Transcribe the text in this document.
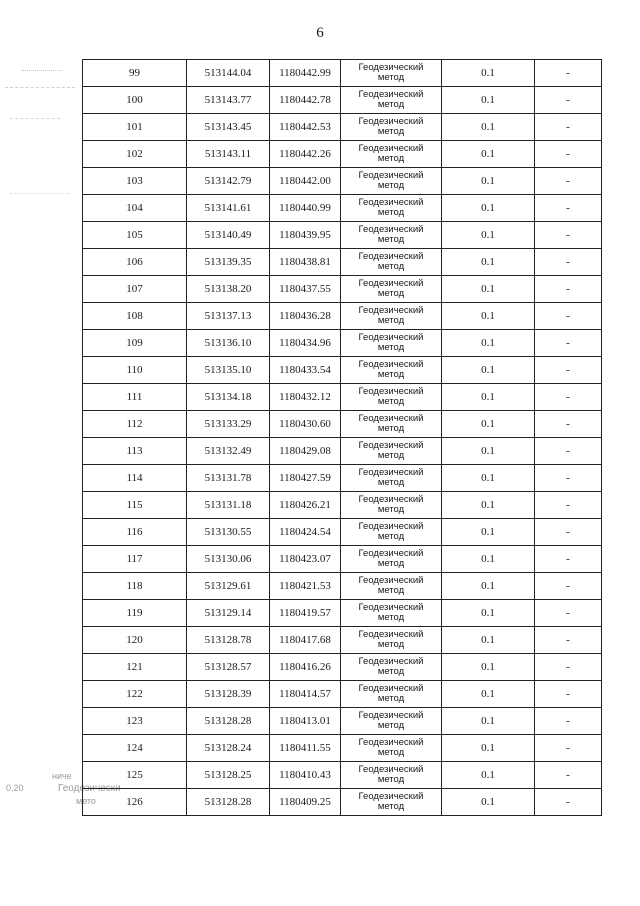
6
ниче
Геодезически
мето
0,20
99	513144.04	1180442.99	Геодезический
метод	0.1	-
100	513143.77	1180442.78	Геодезический
метод	0.1	-
101	513143.45	1180442.53	Геодезический
метод	0.1	-
102	513143.11	1180442.26	Геодезический
метод	0.1	-
103	513142.79	1180442.00	Геодезический
метод	0.1	-
104	513141.61	1180440.99	Геодезический
метод	0.1	-
105	513140.49	1180439.95	Геодезический
метод	0.1	-
106	513139.35	1180438.81	Геодезический
метод	0.1	-
107	513138.20	1180437.55	Геодезический
метод	0.1	-
108	513137.13	1180436.28	Геодезический
метод	0.1	-
109	513136.10	1180434.96	Геодезический
метод	0.1	-
110	513135.10	1180433.54	Геодезический
метод	0.1	-
111	513134.18	1180432.12	Геодезический
метод	0.1	-
112	513133.29	1180430.60	Геодезический
метод	0.1	-
113	513132.49	1180429.08	Геодезический
метод	0.1	-
114	513131.78	1180427.59	Геодезический
метод	0.1	-
115	513131.18	1180426.21	Геодезический
метод	0.1	-
116	513130.55	1180424.54	Геодезический
метод	0.1	-
117	513130.06	1180423.07	Геодезический
метод	0.1	-
118	513129.61	1180421.53	Геодезический
метод	0.1	-
119	513129.14	1180419.57	Геодезический
метод	0.1	-
120	513128.78	1180417.68	Геодезический
метод	0.1	-
121	513128.57	1180416.26	Геодезический
метод	0.1	-
122	513128.39	1180414.57	Геодезический
метод	0.1	-
123	513128.28	1180413.01	Геодезический
метод	0.1	-
124	513128.24	1180411.55	Геодезический
метод	0.1	-
125	513128.25	1180410.43	Геодезический
метод	0.1	-
126	513128.28	1180409.25	Геодезический
метод	0.1	-
